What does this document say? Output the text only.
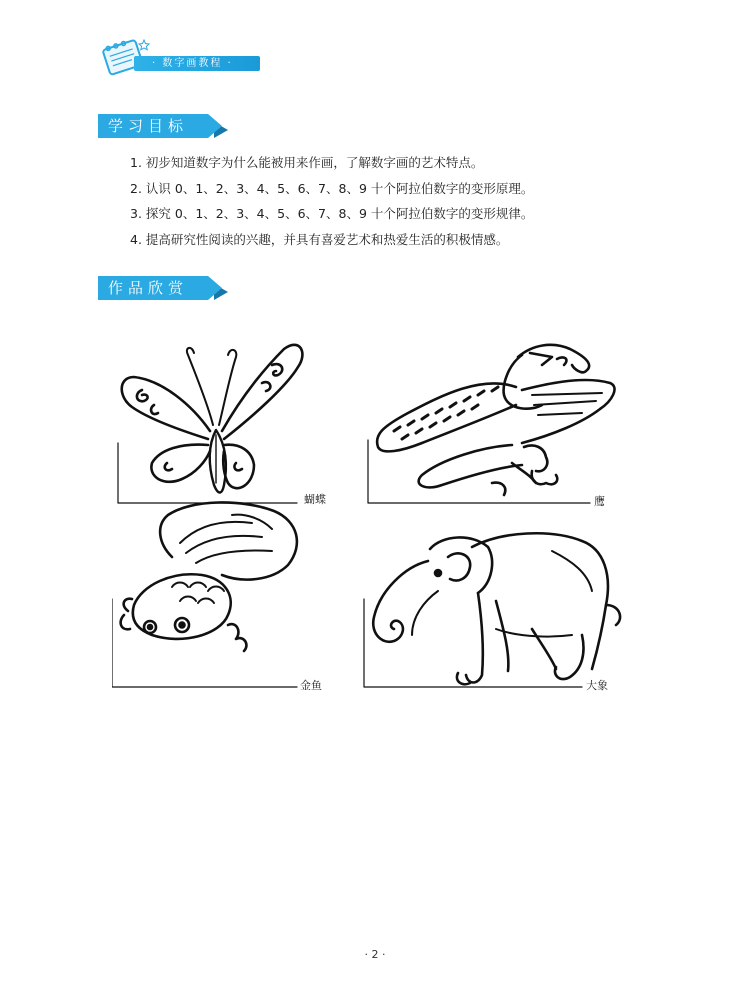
· 数字画教程 ·
学习目标
1. 初步知道数字为什么能被用来作画，了解数字画的艺术特点。
2. 认识 0、1、2、3、4、5、6、7、8、9 十个阿拉伯数字的变形原理。
3. 探究 0、1、2、3、4、5、6、7、8、9 十个阿拉伯数字的变形规律。
4. 提高研究性阅读的兴趣，并具有喜爱艺术和热爱生活的积极情感。
作品欣赏
蝴蝶	鹰
金鱼	大象
· 2 ·
